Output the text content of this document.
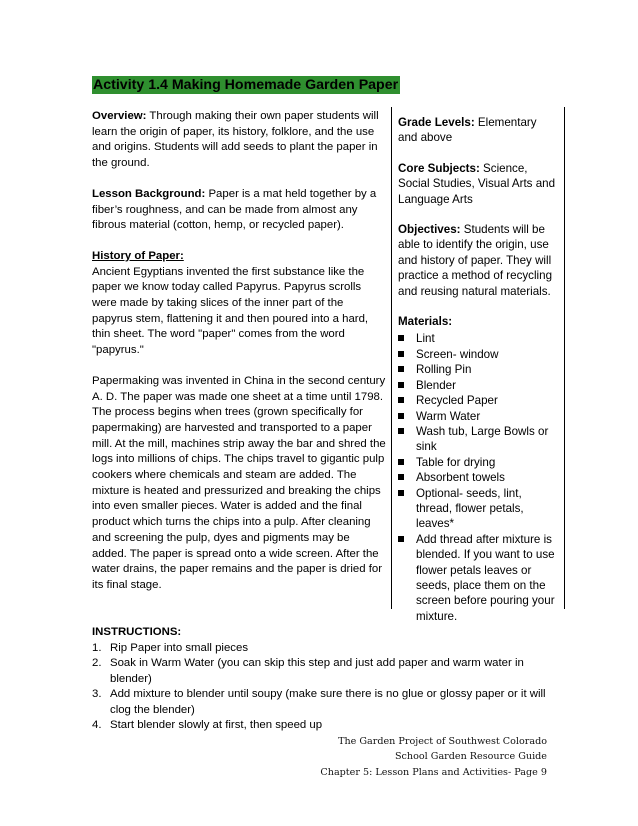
Activity 1.4 Making Homemade Garden Paper

Overview: Through making their own paper students will learn the origin of paper, its history, folklore, and the use and origins. Students will add seeds to plant the paper in the ground.

Lesson Background: Paper is a mat held together by a fiber’s roughness, and can be made from almost any fibrous material (cotton, hemp, or recycled paper).

History of Paper:
Ancient Egyptians invented the first substance like the paper we know today called Papyrus. Papyrus scrolls were made by taking slices of the inner part of the papyrus stem, flattening it and then poured into a hard, thin sheet. The word "paper" comes from the word "papyrus."

Papermaking was invented in China in the second century A. D. The paper was made one sheet at a time until 1798. The process begins when trees (grown specifically for papermaking) are harvested and transported to a paper mill. At the mill, machines strip away the bar and shred the logs into millions of chips. The chips travel to gigantic pulp cookers where chemicals and steam are added. The mixture is heated and pressurized and breaking the chips into even smaller pieces. Water is added and the final product which turns the chips into a pulp. After cleaning and screening the pulp, dyes and pigments may be added. The paper is spread onto a wide screen. After the water drains, the paper remains and the paper is dried for its final stage.

Grade Levels: Elementary and above

Core Subjects: Science, Social Studies, Visual Arts and Language Arts

Objectives: Students will be able to identify the origin, use and history of paper. They will practice a method of recycling and reusing natural materials.

Materials:

Lint
Screen- window
Rolling Pin
Blender
Recycled Paper
Warm Water
Wash tub, Large Bowls or sink
Table for drying
Absorbent towels
Optional- seeds, lint, thread, flower petals, leaves*
Add thread after mixture is blended. If you want to use flower petals leaves or seeds, place them on the screen before pouring your mixture.
INSTRUCTIONS:
1. Rip Paper into small pieces
2. Soak in Warm Water (you can skip this step and just add paper and warm water in blender)
3. Add mixture to blender until soupy (make sure there is no glue or glossy paper or it will clog the blender)
4. Start blender slowly at first, then speed up
The Garden Project of Southwest Colorado
School Garden Resource Guide
Chapter 5: Lesson Plans and Activities- Page 9
